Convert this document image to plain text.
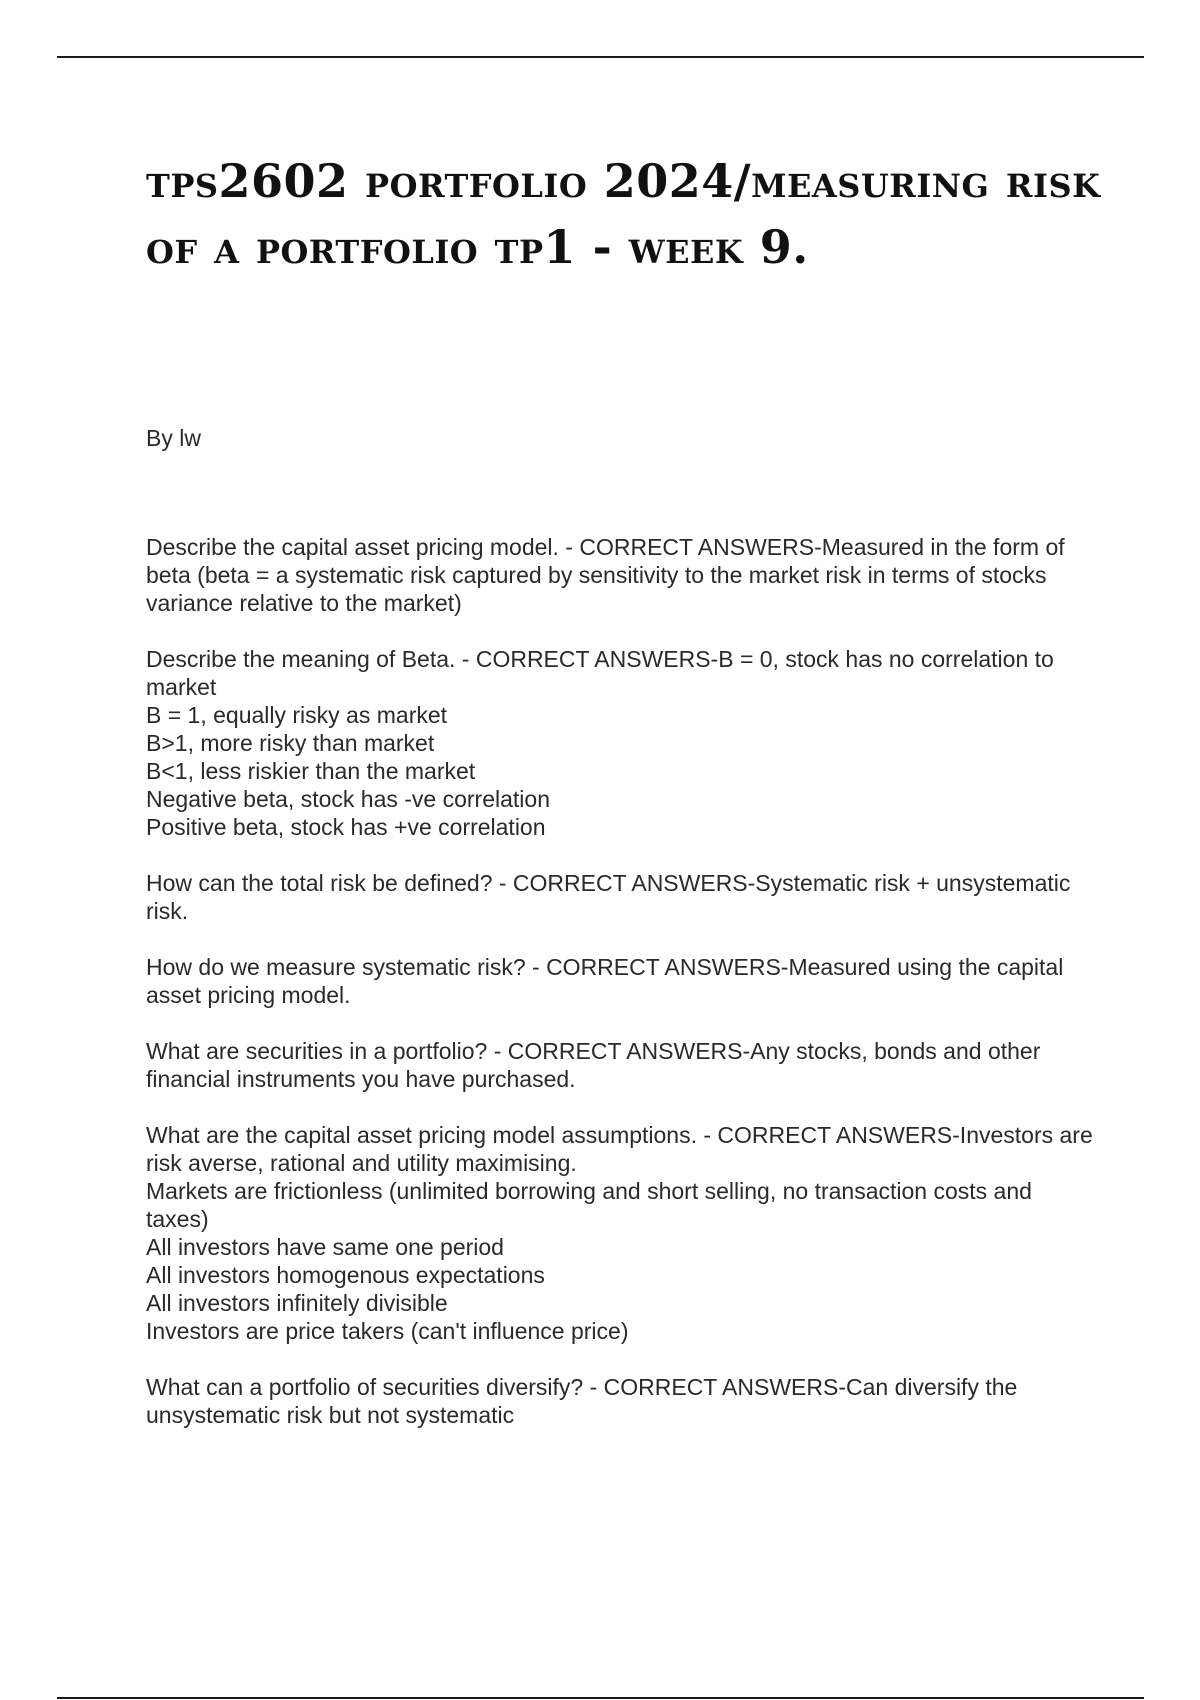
tps2602 portfolio 2024/measuring risk of a portfolio tp1 - week 9.

By lw

Describe the capital asset pricing model. - CORRECT ANSWERS-Measured in the form of beta (beta = a systematic risk captured by sensitivity to the market risk in terms of stocks variance relative to the market)
Describe the meaning of Beta. - CORRECT ANSWERS-B = 0, stock has no correlation to market
B = 1, equally risky as market
B>1, more risky than market
B<1, less riskier than the market
Negative beta, stock has -ve correlation
Positive beta, stock has +ve correlation
How can the total risk be defined? - CORRECT ANSWERS-Systematic risk + unsystematic risk.
How do we measure systematic risk? - CORRECT ANSWERS-Measured using the capital asset pricing model.
What are securities in a portfolio? - CORRECT ANSWERS-Any stocks, bonds and other financial instruments you have purchased.
What are the capital asset pricing model assumptions. - CORRECT ANSWERS-Investors are risk averse, rational and utility maximising.
Markets are frictionless (unlimited borrowing and short selling, no transaction costs and taxes)
All investors have same one period
All investors homogenous expectations
All investors infinitely divisible
Investors are price takers (can't influence price)
What can a portfolio of securities diversify? - CORRECT ANSWERS-Can diversify the unsystematic risk but not systematic
